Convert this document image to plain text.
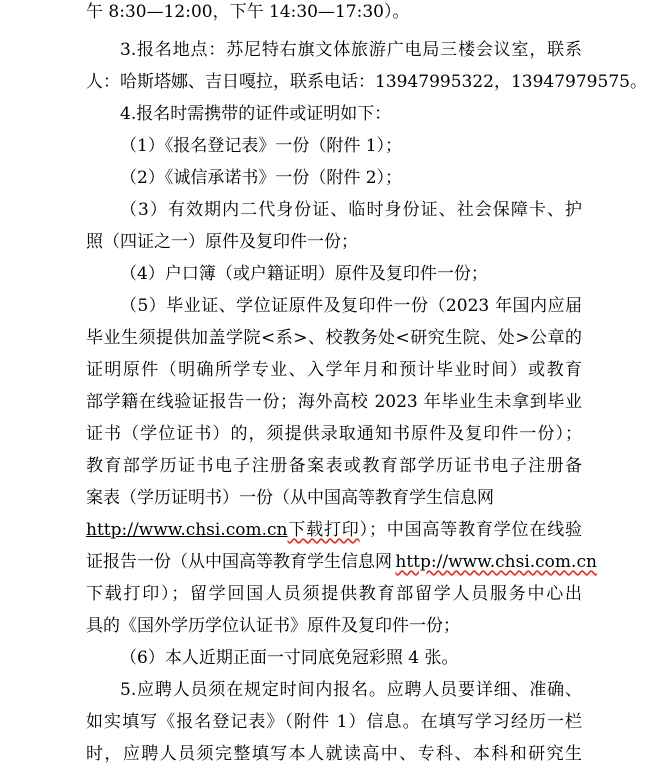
午 8:30—12:00，下午 14:30—17:30）。
3.报名地点：苏尼特右旗文体旅游广电局三楼会议室，联系
人：哈斯塔娜、吉日嘎拉，联系电话：13947995322，13947979575。
4.报名时需携带的证件或证明如下：
（1）《报名登记表》一份（附件 1）；
（2）《诚信承诺书》一份（附件 2）；
（3）有效期内二代身份证、临时身份证、社会保障卡、护
照（四证之一）原件及复印件一份；
（4）户口簿（或户籍证明）原件及复印件一份；
（5）毕业证、学位证原件及复印件一份（2023 年国内应届
毕业生须提供加盖学院<系>、校教务处<研究生院、处>公章的
证明原件（明确所学专业、入学年月和预计毕业时间）或教育
部学籍在线验证报告一份；海外高校 2023 年毕业生未拿到毕业
证书（学位证书）的，须提供录取通知书原件及复印件一份）；
教育部学历证书电子注册备案表或教育部学历证书电子注册备
案表（学历证明书）一份（从中国高等教育学生信息网
http://www.chsi.com.cn下载打印）；中国高等教育学位在线验
证报告一份（从中国高等教育学生信息网  http://www.chsi.com.cn
下载打印）；留学回国人员须提供教育部留学人员服务中心出
具的《国外学历学位认证书》原件及复印件一份；
（6）本人近期正面一寸同底免冠彩照 4 张。
5.应聘人员须在规定时间内报名。应聘人员要详细、准确、
如实填写《报名登记表》（附件 1）信息。在填写学习经历一栏
时，应聘人员须完整填写本人就读高中、专科、本科和研究生
